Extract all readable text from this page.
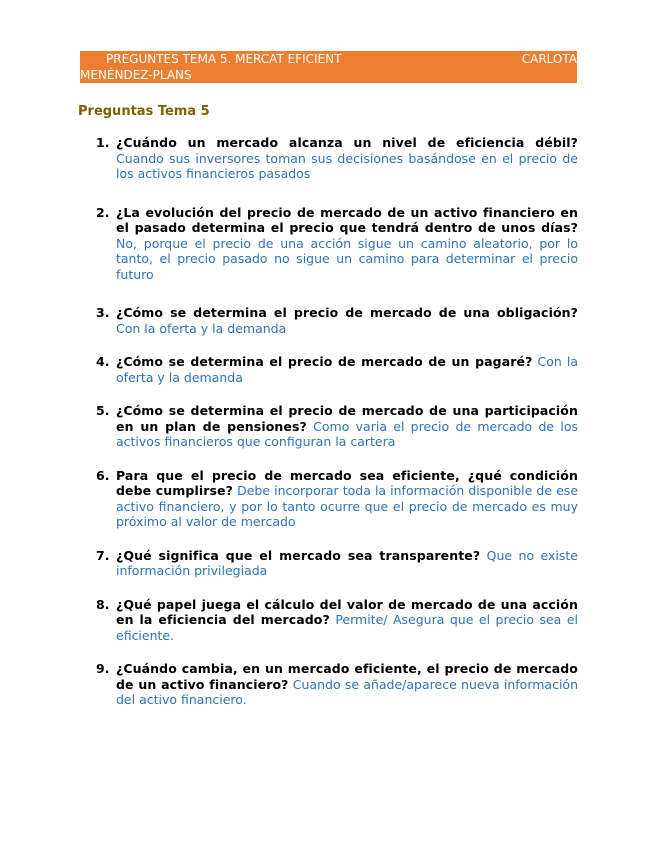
PREGUNTES TEMA 5. MERCAT EFICIENT	CARLOTA
MENÉNDEZ-PLANS
Preguntas Tema 5
1. ¿Cuándo un mercado alcanza un nivel de eficiencia débil? Cuando sus inversores toman sus decisiones basándose en el precio de los activos financieros pasados
2. ¿La evolución del precio de mercado de un activo financiero en el pasado determina el precio que tendrá dentro de unos días? No, porque el precio de una acción sigue un camino aleatorio, por lo tanto, el precio pasado no sigue un camino para determinar el precio futuro
3. ¿Cómo se determina el precio de mercado de una obligación? Con la oferta y la demanda
4. ¿Cómo se determina el precio de mercado de un pagaré? Con la oferta y la demanda
5. ¿Cómo se determina el precio de mercado de una participación en un plan de pensiones? Como varia el precio de mercado de los activos financieros que configuran la cartera
6. Para que el precio de mercado sea eficiente, ¿qué condición debe cumplirse? Debe incorporar toda la información disponible de ese activo financiero, y por lo tanto ocurre que el precio de mercado es muy próximo al valor de mercado
7. ¿Qué significa que el mercado sea transparente? Que no existe información privilegiada
8. ¿Qué papel juega el cálculo del valor de mercado de una acción en la eficiencia del mercado? Permite/ Asegura que el precio sea el eficiente.
9. ¿Cuándo cambia, en un mercado eficiente, el precio de mercado de un activo financiero? Cuando se añade/aparece nueva información del activo financiero.
